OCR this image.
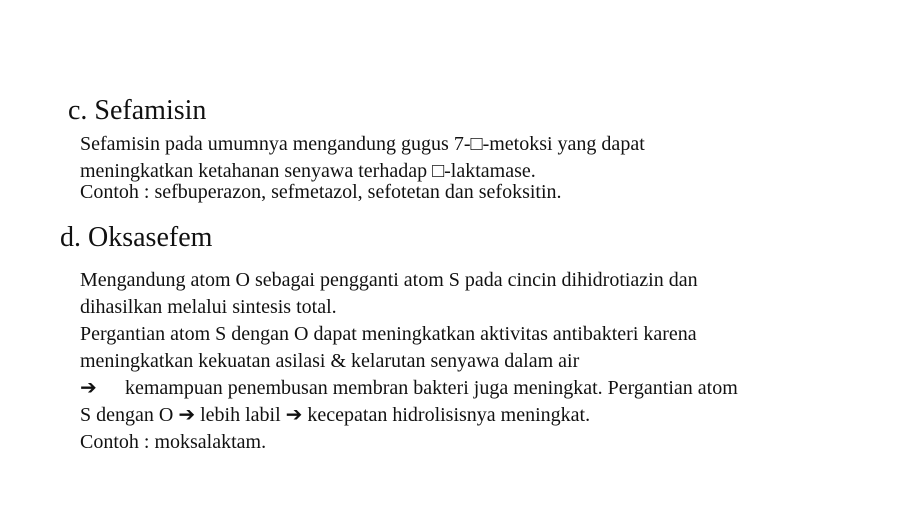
c. Sefamisin

Sefamisin pada umumnya mengandung gugus 7-□-metoksi yang dapat

meningkatkan ketahanan senyawa terhadap □-laktamase.

Contoh : sefbuperazon, sefmetazol, sefotetan dan sefoksitin.

d. Oksasefem

Mengandung atom O sebagai pengganti atom S pada cincin dihidrotiazin dan

dihasilkan melalui sintesis total.

Pergantian atom S dengan O dapat meningkatkan aktivitas antibakteri karena

meningkatkan kekuatan asilasi & kelarutan senyawa dalam air

➔ kemampuan penembusan membran bakteri juga meningkat. Pergantian atom

S dengan O ➔ lebih labil ➔ kecepatan hidrolisisnya meningkat.

Contoh : moksalaktam.
